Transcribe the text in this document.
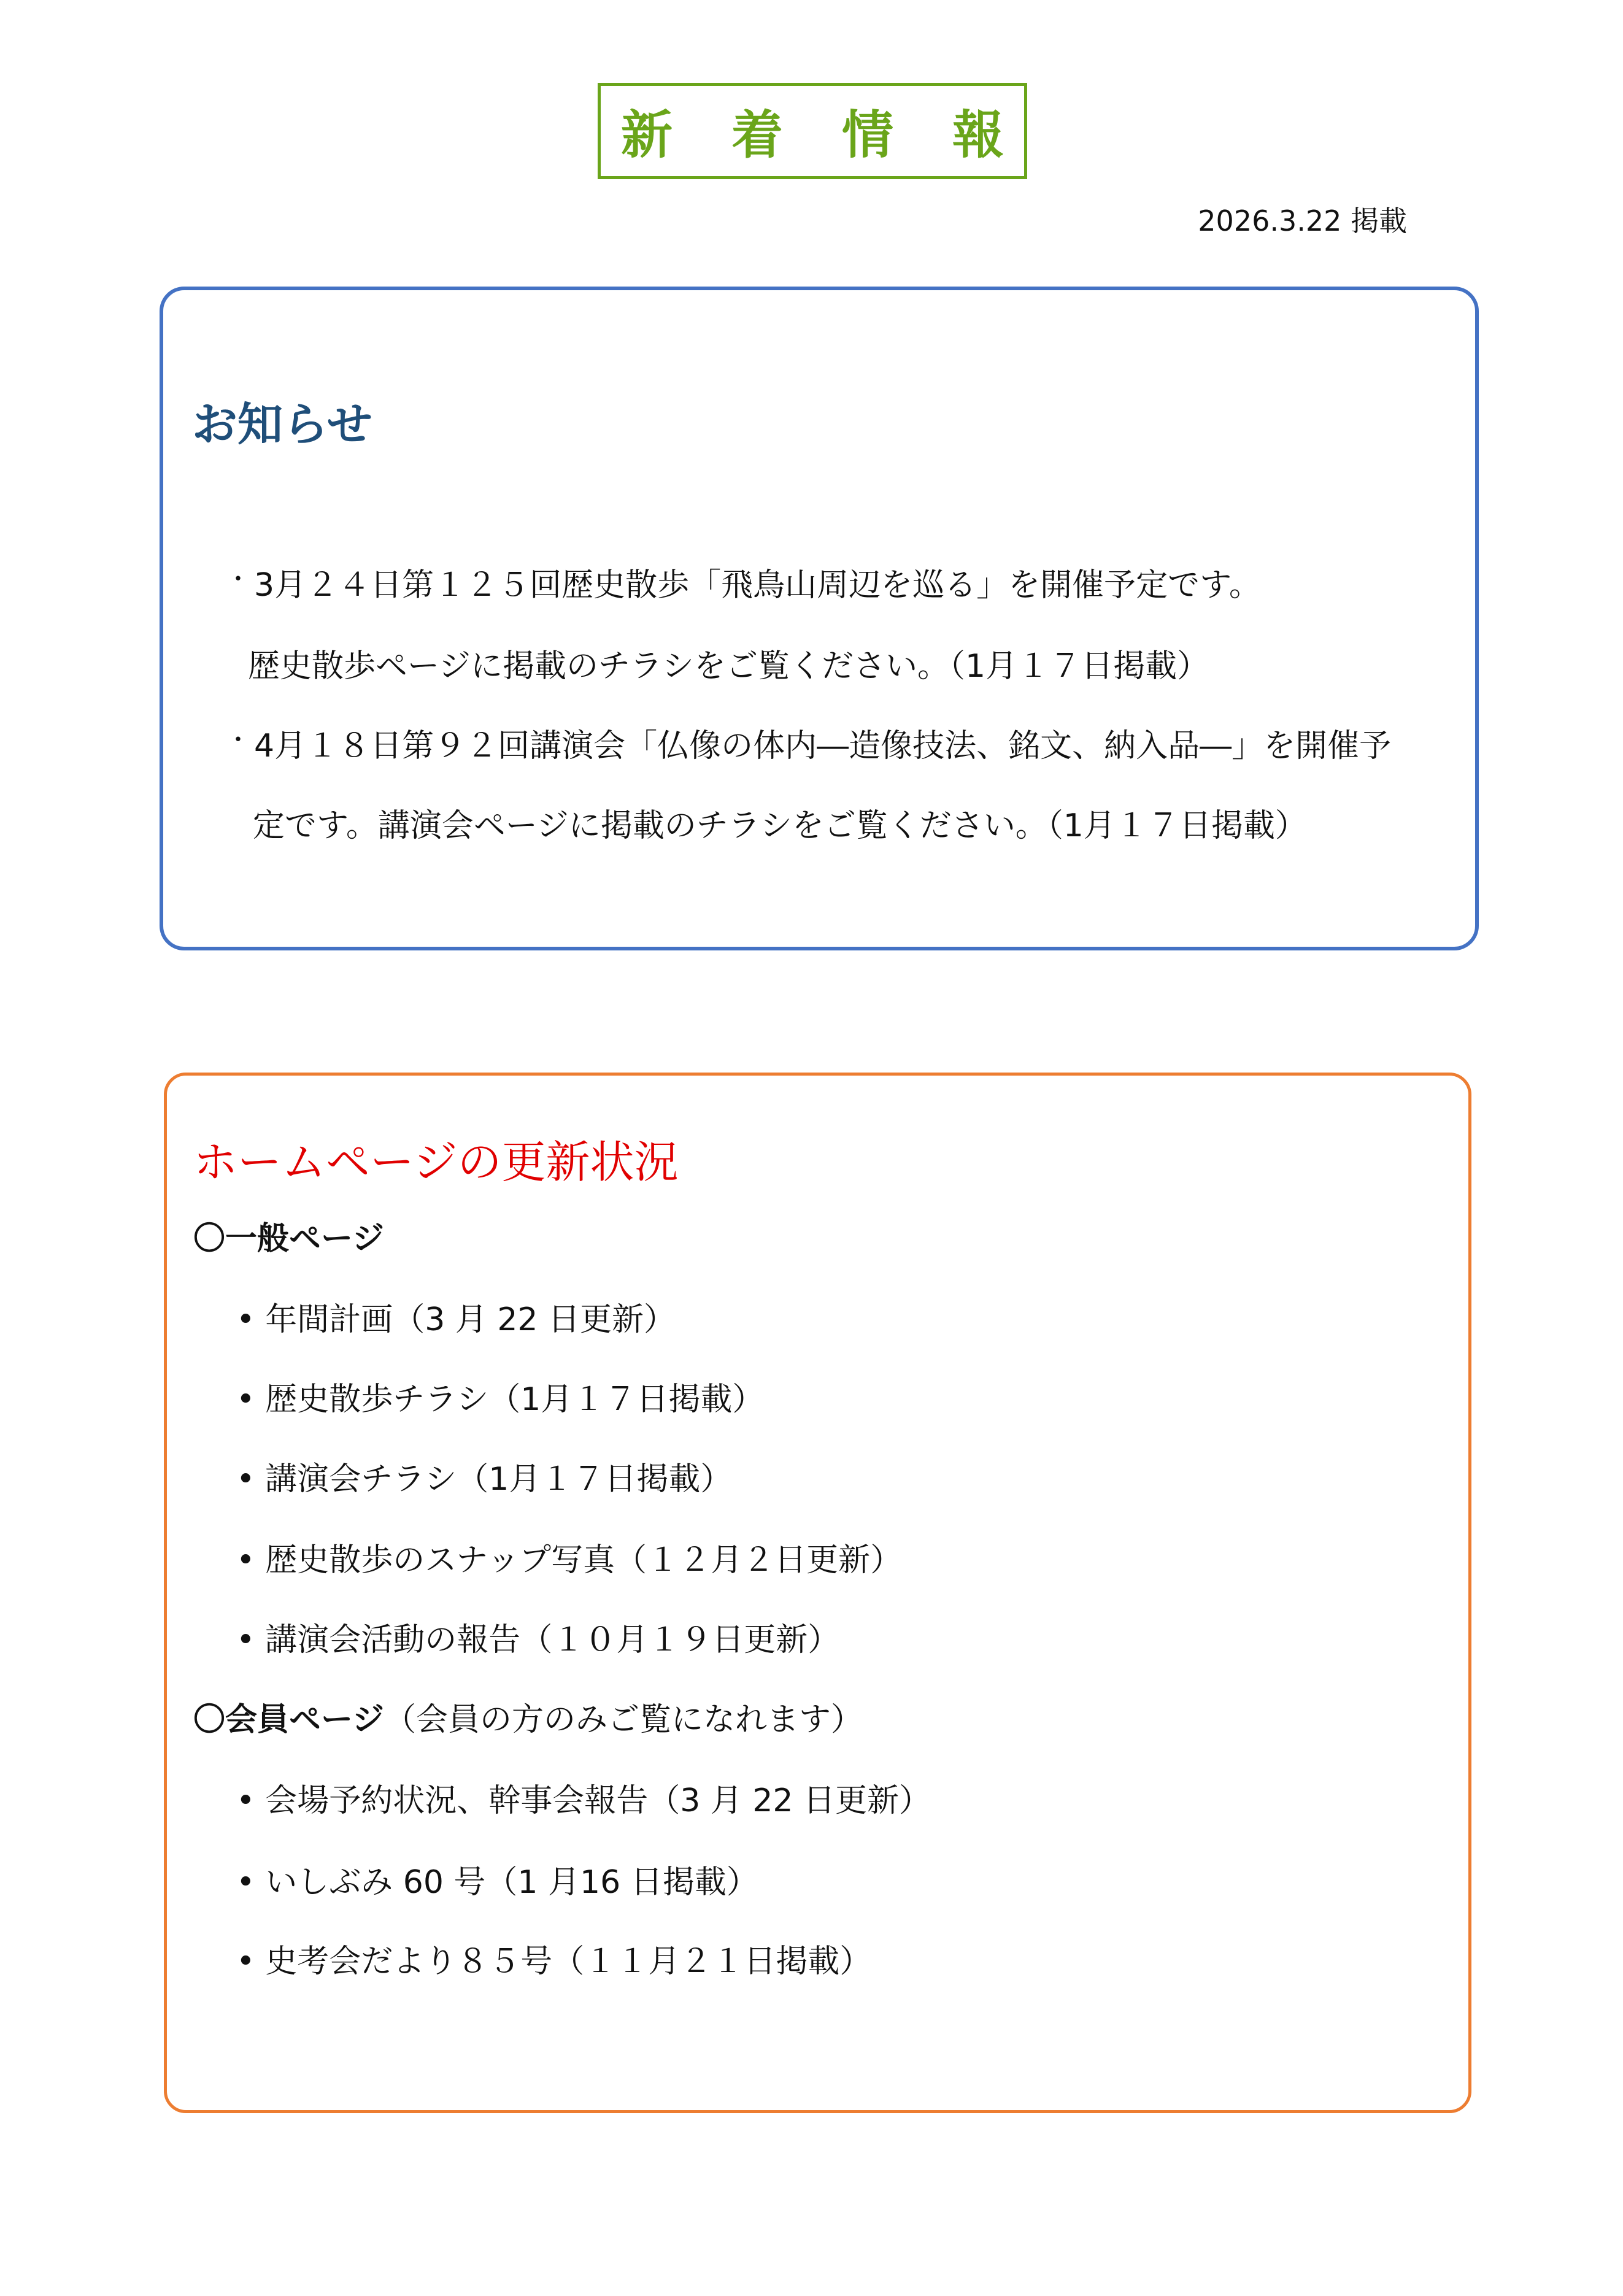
新着情報
2026.3.22 掲載
お知らせ
・ 3月２４日第１２５回歴史散歩「飛鳥山周辺を巡る」を開催予定です。
歴史散歩ページに掲載のチラシをご覧ください。（1月１７日掲載）
・ 4月１８日第９２回講演会「仏像の体内―造像技法、銘文、納入品―」を開催予
定です。講演会ページに掲載のチラシをご覧ください。（1月１７日掲載）
ホームページの更新状況
〇一般ページ
• 年間計画（3 月 22 日更新）
• 歴史散歩チラシ（1月１７日掲載）
• 講演会チラシ（1月１７日掲載）
• 歴史散歩のスナップ写真（１２月２日更新）
• 講演会活動の報告（１０月１９日更新）
〇会員ページ（会員の方のみご覧になれます）
• 会場予約状況、幹事会報告（3 月 22 日更新）
• いしぶみ 60 号（1 月16 日掲載）
• 史考会だより８５号（１１月２１日掲載）
